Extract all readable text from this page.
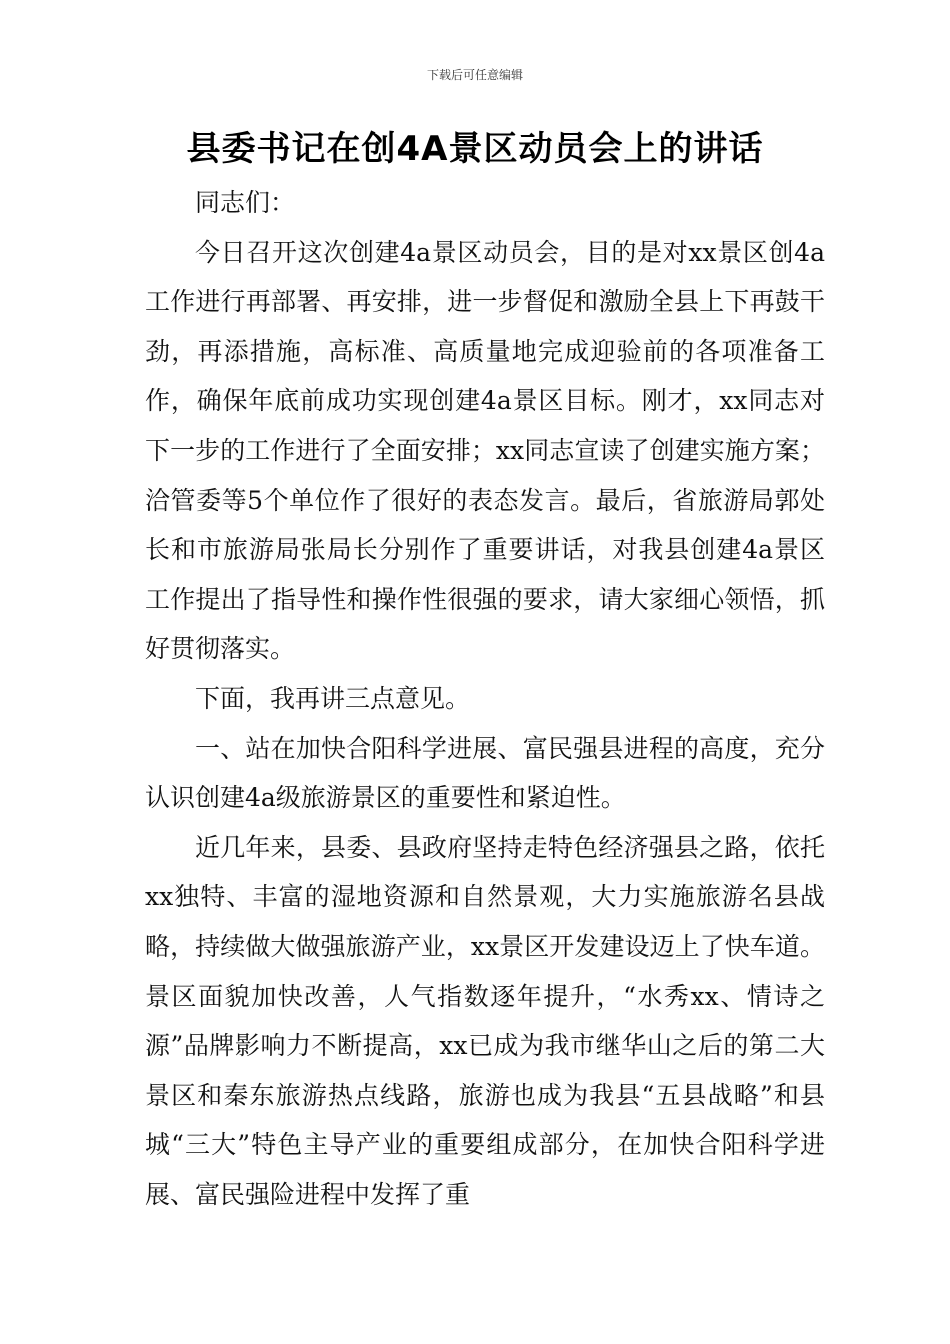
下载后可任意编辑
县委书记在创4A景区动员会上的讲话

同志们：

今日召开这次创建4a景区动员会，目的是对xx景区创4a工作进行再部署、再安排，进一步督促和激励全县上下再鼓干劲，再添措施，高标准、高质量地完成迎验前的各项准备工作，确保年底前成功实现创建4a景区目标。刚才，xx同志对下一步的工作进行了全面安排；xx同志宣读了创建实施方案；洽管委等5个单位作了很好的表态发言。最后，省旅游局郭处长和市旅游局张局长分别作了重要讲话，对我县创建4a景区工作提出了指导性和操作性很强的要求，请大家细心领悟，抓好贯彻落实。

下面，我再讲三点意见。

一、站在加快合阳科学进展、富民强县进程的高度，充分认识创建4a级旅游景区的重要性和紧迫性。

近几年来，县委、县政府坚持走特色经济强县之路，依托xx独特、丰富的湿地资源和自然景观，大力实施旅游名县战略，持续做大做强旅游产业，xx景区开发建设迈上了快车道。景区面貌加快改善，人气指数逐年提升，“水秀xx、情诗之源”品牌影响力不断提高，xx已成为我市继华山之后的第二大景区和秦东旅游热点线路，旅游也成为我县“五县战略”和县城“三大”特色主导产业的重要组成部分，在加快合阳科学进展、富民强险进程中发挥了重
